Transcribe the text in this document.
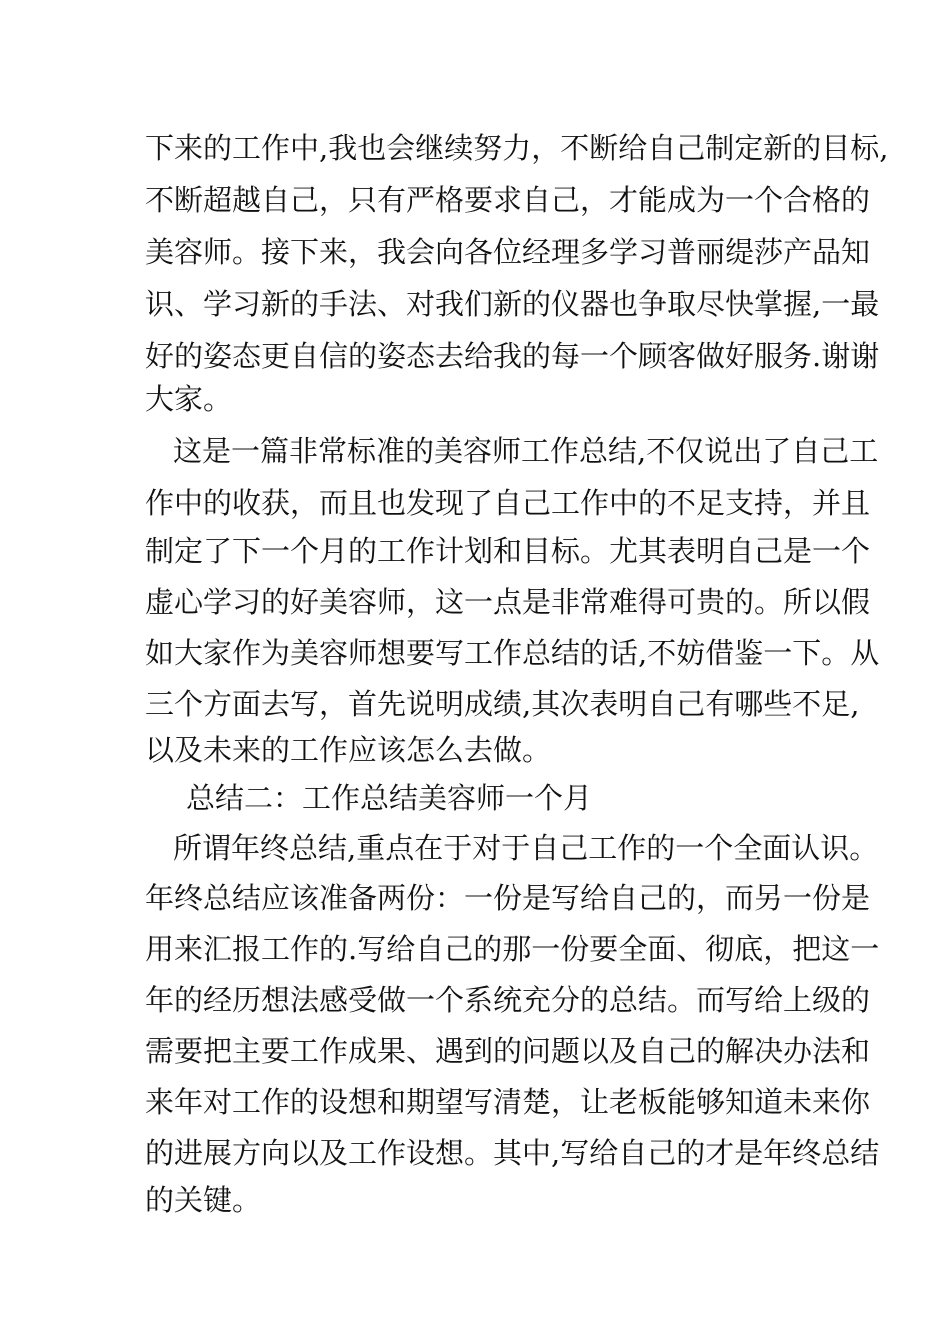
下来的工作中,我也会继续努力，不断给自己制定新的目标,
不断超越自己，只有严格要求自己，才能成为一个合格的
美容师。接下来，我会向各位经理多学习普丽缇莎产品知
识、学习新的手法、对我们新的仪器也争取尽快掌握,一最
好的姿态更自信的姿态去给我的每一个顾客做好服务.谢谢
大家。
这是一篇非常标准的美容师工作总结,不仅说出了自己工
作中的收获，而且也发现了自己工作中的不足支持，并且
制定了下一个月的工作计划和目标。尤其表明自己是一个
虚心学习的好美容师，这一点是非常难得可贵的。所以假
如大家作为美容师想要写工作总结的话,不妨借鉴一下。从
三个方面去写，首先说明成绩,其次表明自己有哪些不足,
以及未来的工作应该怎么去做。
总结二：工作总结美容师一个月
所谓年终总结,重点在于对于自己工作的一个全面认识。
年终总结应该准备两份：一份是写给自己的，而另一份是
用来汇报工作的.写给自己的那一份要全面、彻底，把这一
年的经历想法感受做一个系统充分的总结。而写给上级的
需要把主要工作成果、遇到的问题以及自己的解决办法和
来年对工作的设想和期望写清楚，让老板能够知道未来你
的进展方向以及工作设想。其中,写给自己的才是年终总结
的关键。
